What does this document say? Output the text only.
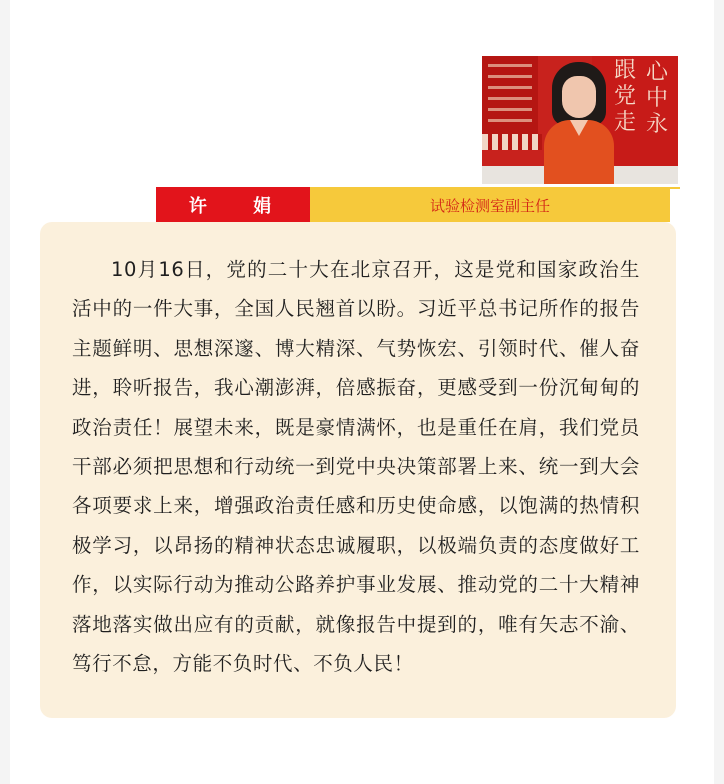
跟
党
走
心
中
永
许 娟	试验检测室副主任

10月16日，党的二十大在北京召开，这是党和国家政治生活中的一件大事，全国人民翘首以盼。习近平总书记所作的报告主题鲜明、思想深邃、博大精深、气势恢宏、引领时代、催人奋进，聆听报告，我心潮澎湃，倍感振奋，更感受到一份沉甸甸的政治责任！展望未来，既是豪情满怀，也是重任在肩，我们党员干部必须把思想和行动统一到党中央决策部署上来、统一到大会各项要求上来，增强政治责任感和历史使命感，以饱满的热情积极学习，以昂扬的精神状态忠诚履职，以极端负责的态度做好工作，以实际行动为推动公路养护事业发展、推动党的二十大精神落地落实做出应有的贡献，就像报告中提到的，唯有矢志不渝、笃行不怠，方能不负时代、不负人民！
